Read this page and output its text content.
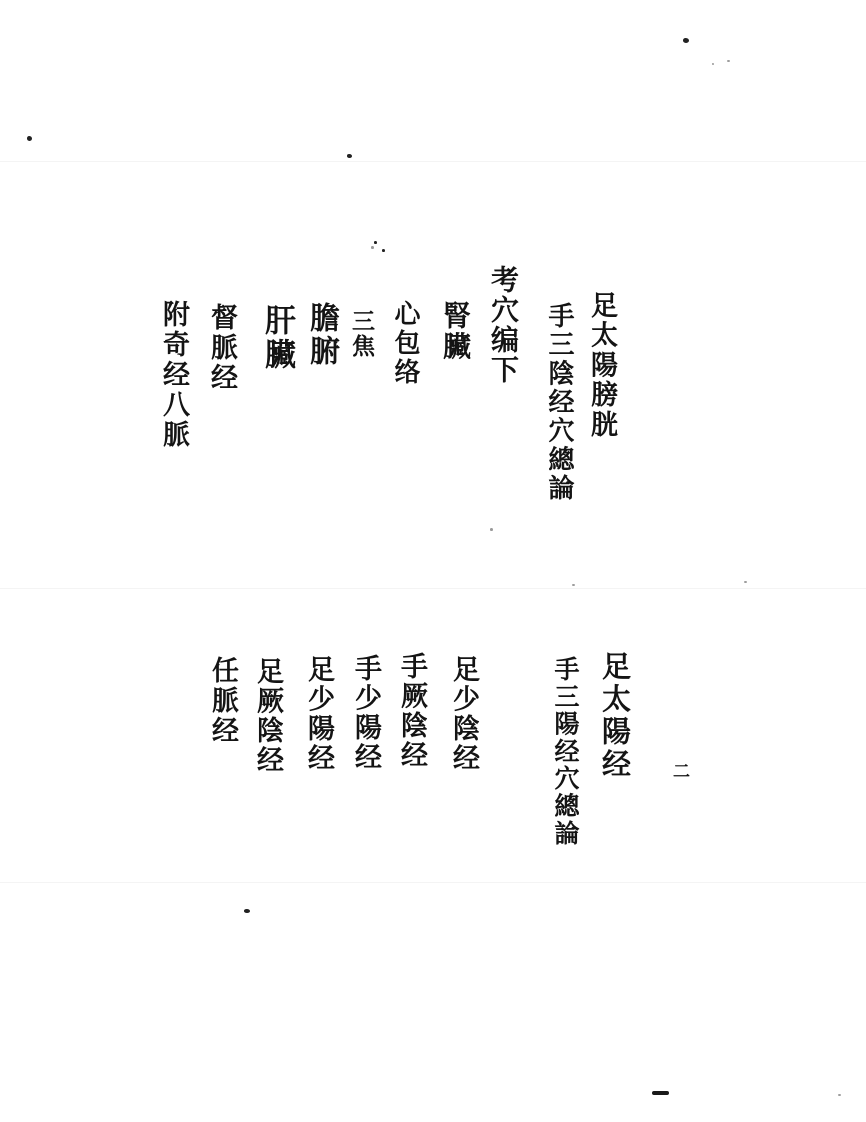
足太陽膀胱
手三陰经穴總論
考穴编下
腎臟
心包络
三焦
膽腑
肝臟
督脈经
附奇经八脈
足太陽经
手三陽经穴總論
足少陰经
手厥陰经
手少陽经
足少陽经
足厥陰经
任脈经
二
